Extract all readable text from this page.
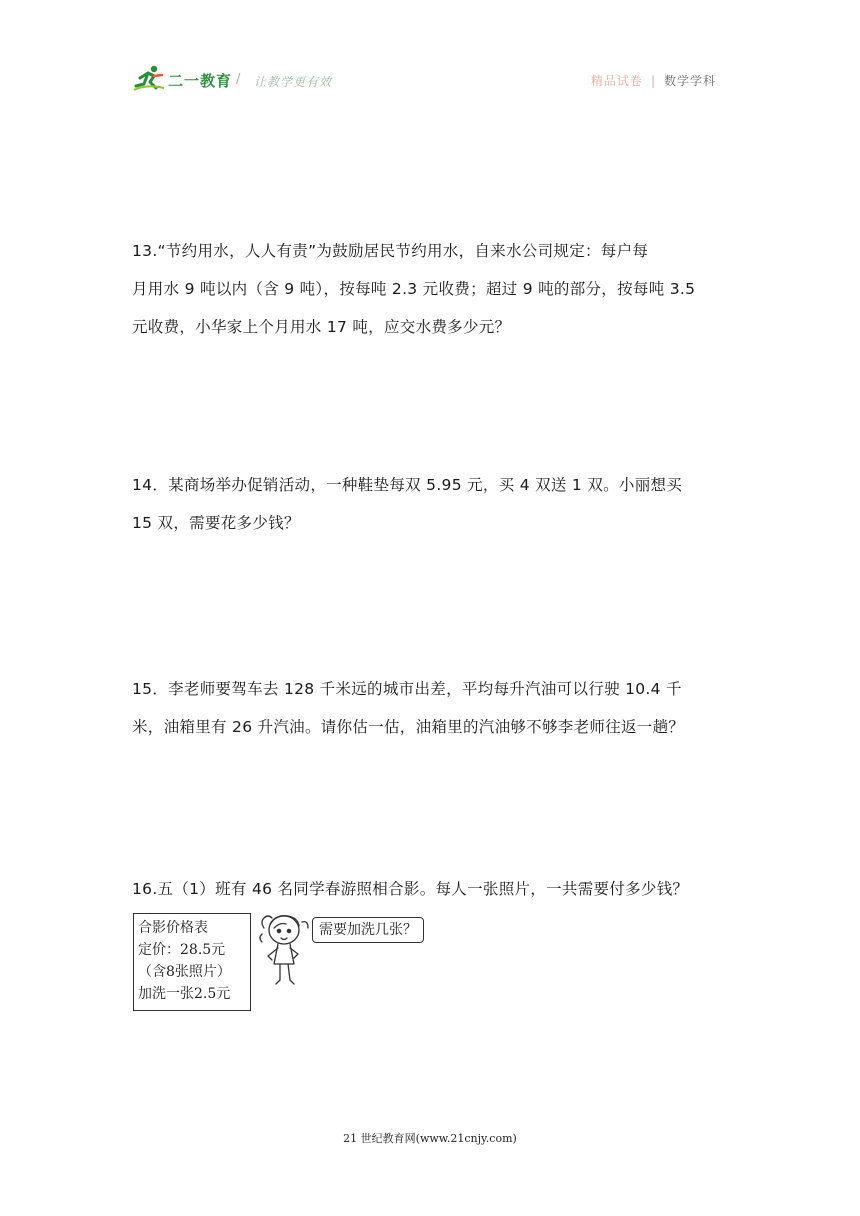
二一教育 / 让教学更有效	精品试卷 | 数学学科
13.“节约用水，人人有责”为鼓励居民节约用水，自来水公司规定：每户每
月用水 9 吨以内（含 9 吨），按每吨 2.3 元收费；超过 9 吨的部分，按每吨 3.5
元收费，小华家上个月用水 17 吨，应交水费多少元？
14．某商场举办促销活动，一种鞋垫每双 5.95 元，买 4 双送 1 双。小丽想买
15 双，需要花多少钱？
15．李老师要驾车去 128 千米远的城市出差，平均每升汽油可以行驶 10.4 千
米，油箱里有 26 升汽油。请你估一估，油箱里的汽油够不够李老师往返一趟？
16.五（1）班有 46 名同学春游照相合影。每人一张照片，一共需要付多少钱？
合影价格表
定价：28.5元
（含8张照片）
加洗一张2.5元
需要加洗几张？
21 世纪教育网(www.21cnjy.com)
